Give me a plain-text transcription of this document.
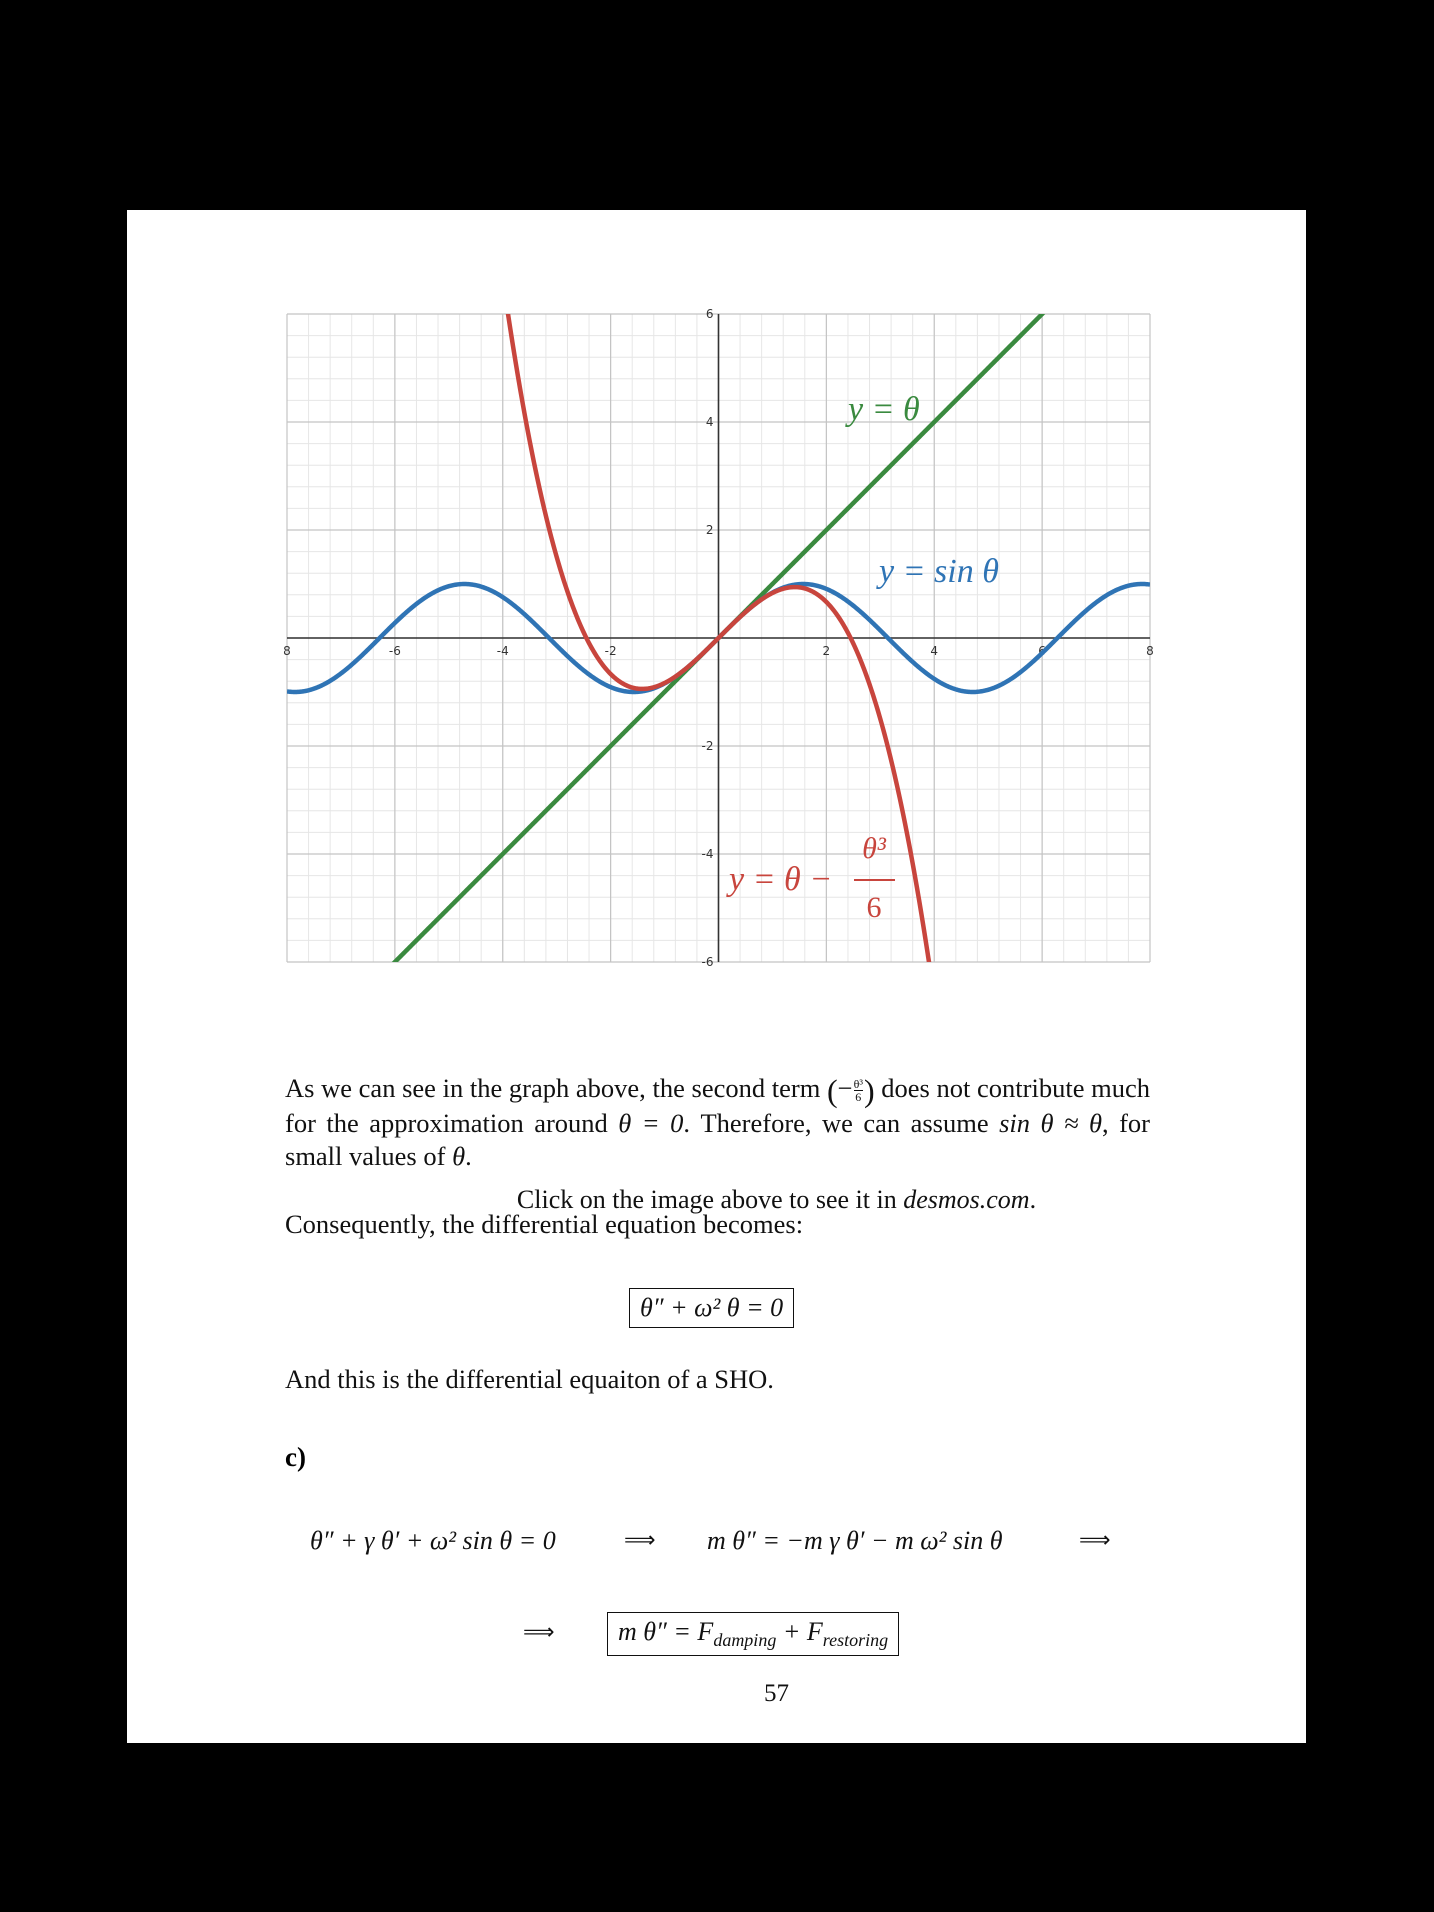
8	-6	-4	-2	2	4	6	8
6
4
2
-2
-4
-6
y = θ
y = sin θ
y = θ −
θ³
6
Click on the image above to see it in desmos.com.
As we can see in the graph above, the second term (− $\frac{\text{θ³}}{6}$ ) does not contribute much for the approximation around θ = 0. Therefore, we can assume sin θ ≈ θ, for small values of θ.
Consequently, the differential equation becomes:
θ″ + ω² θ = 0
And this is the differential equaiton of a SHO.
c)
θ″ + γ θ′ + ω² sin θ = 0	⟹ m θ″ = −m γ θ′ − m ω² sin θ	⟹
⟹	m $\theta'' = F_{damping} + F_{restoring}$
57
